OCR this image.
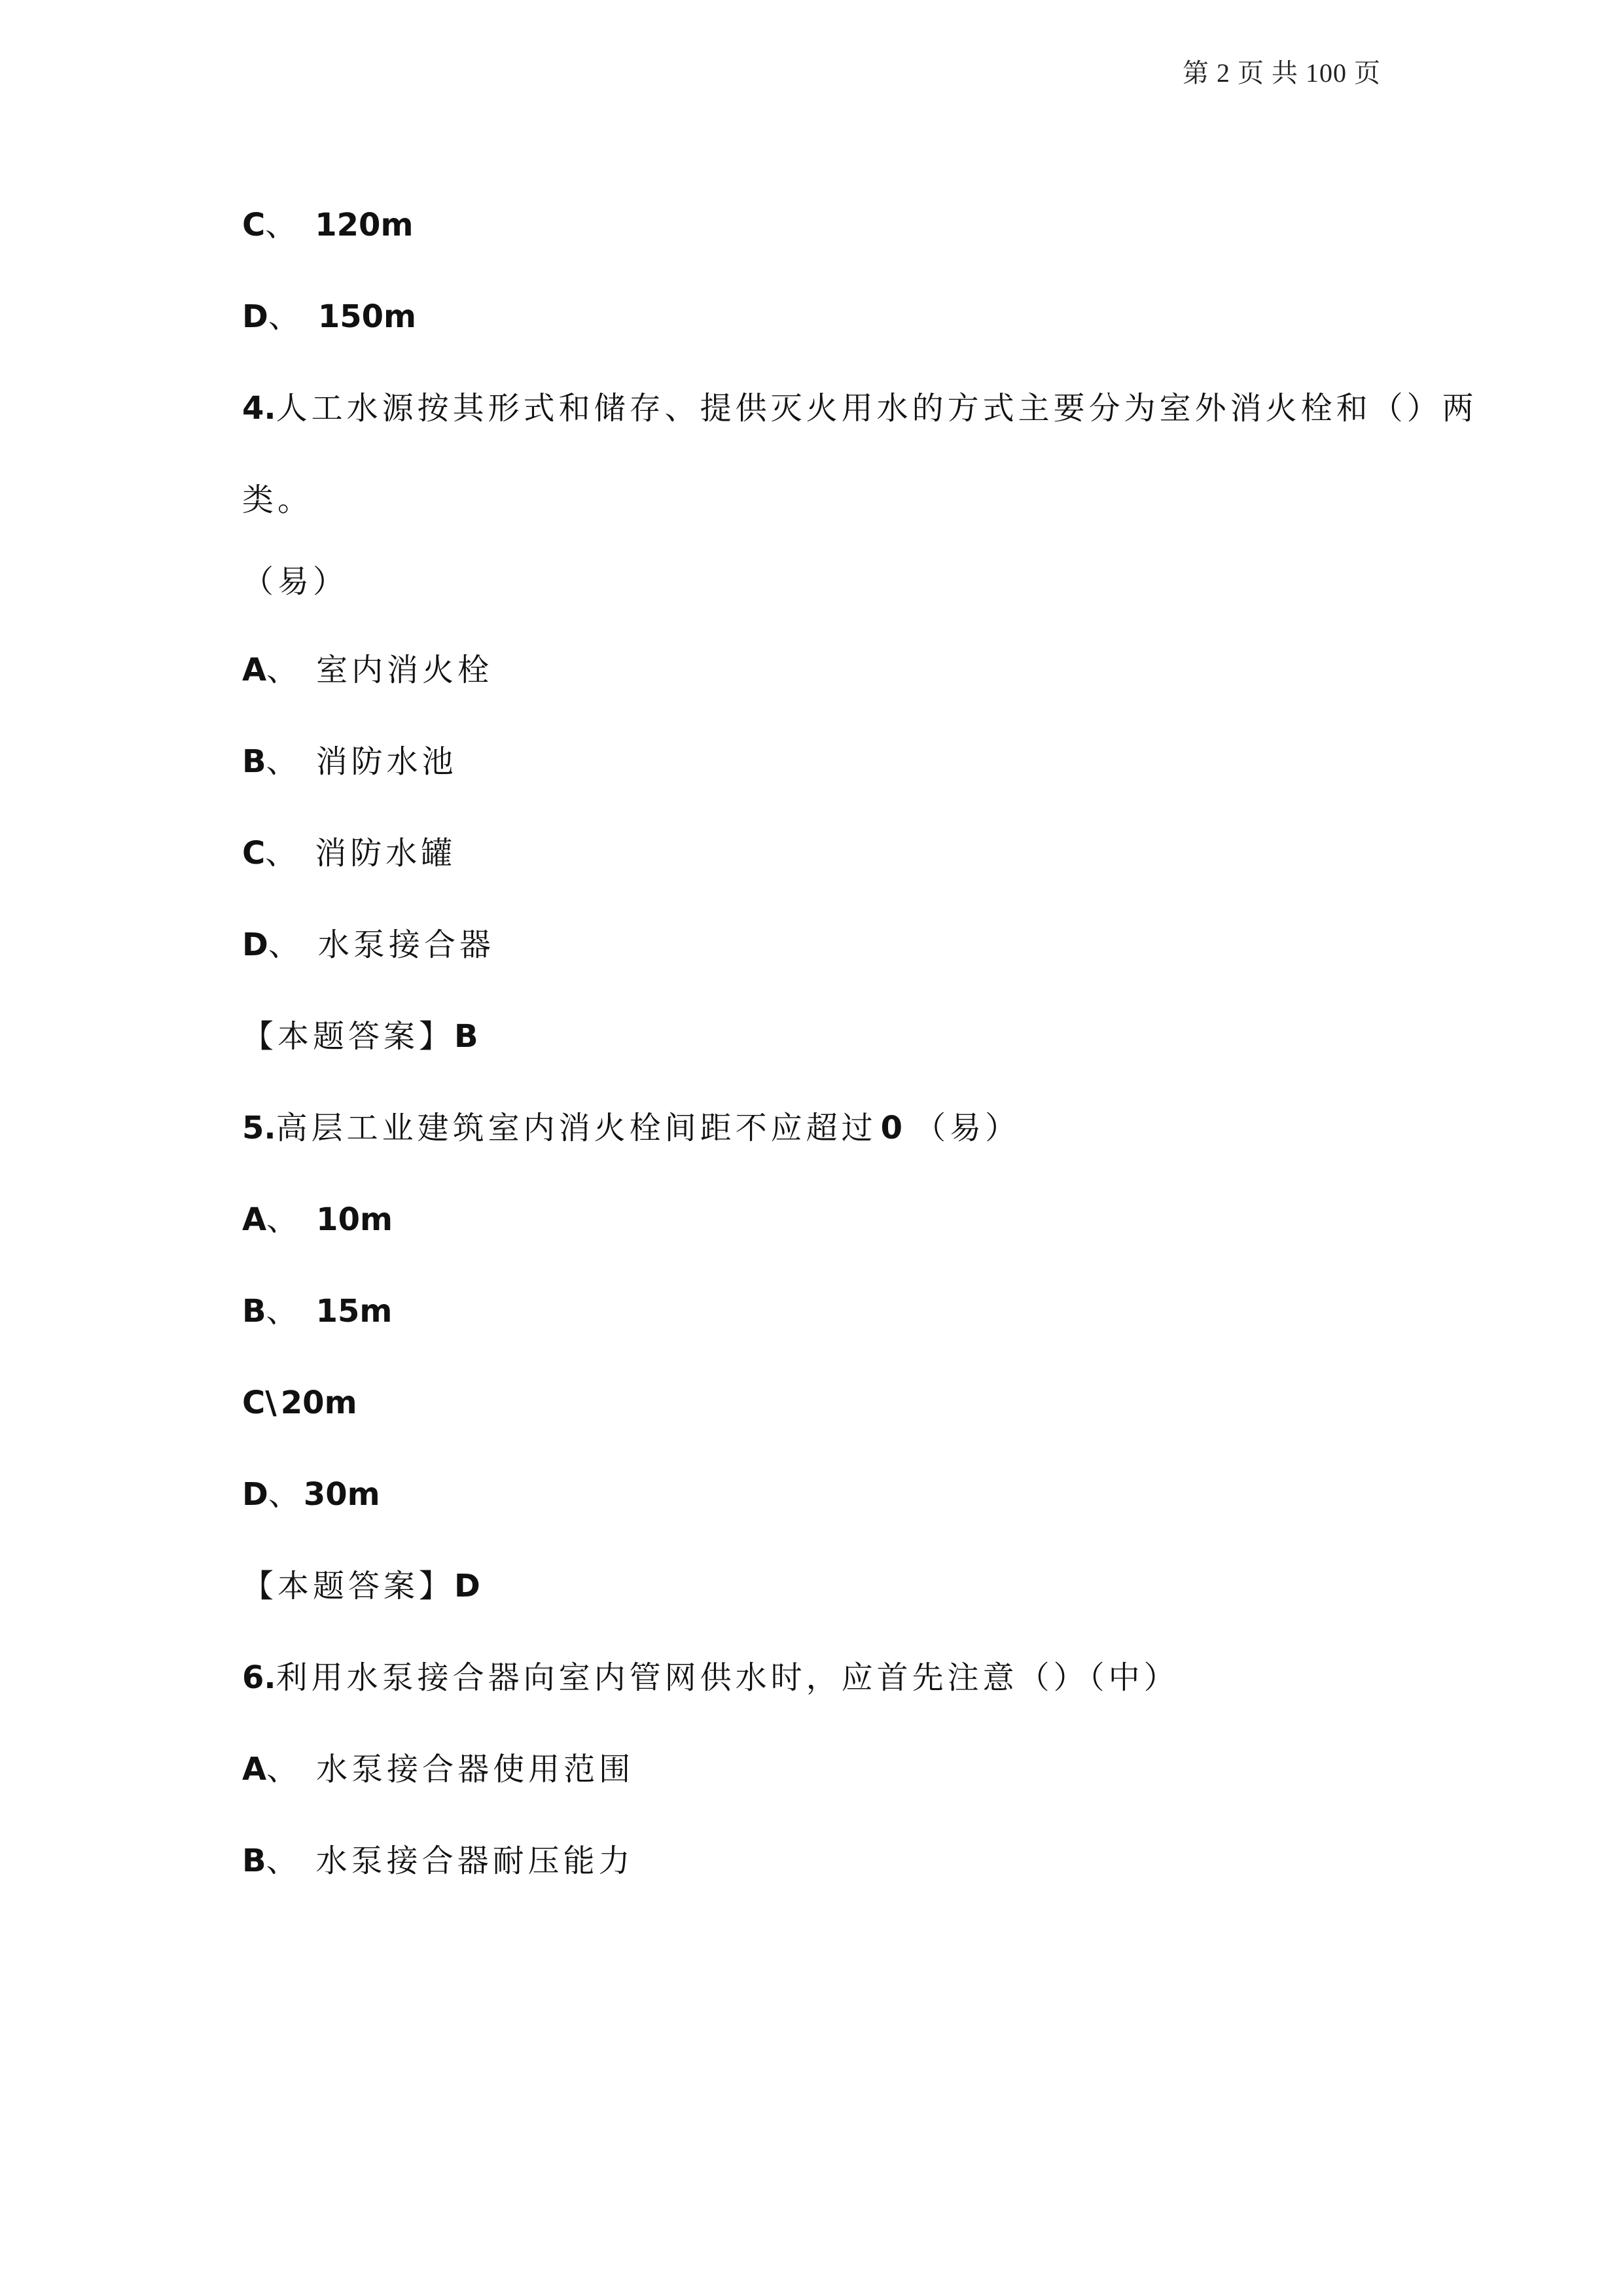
第 2 页 共 100 页
C、 120m
D、 150m
4.人工水源按其形式和储存、提供灭火用水的方式主要分为室外消火栓和（）两
类。
（易）
A、 室内消火栓
B、 消防水池
C、 消防水罐
D、 水泵接合器
【本题答案】B
5.高层工业建筑室内消火栓间距不应超过 0 （易）
A、 10m
B、 15m
C\ 20m
D、30m
【本题答案】D
6.利用水泵接合器向室内管网供水时，应首先注意（）（中）
A、 水泵接合器使用范围
B、 水泵接合器耐压能力
